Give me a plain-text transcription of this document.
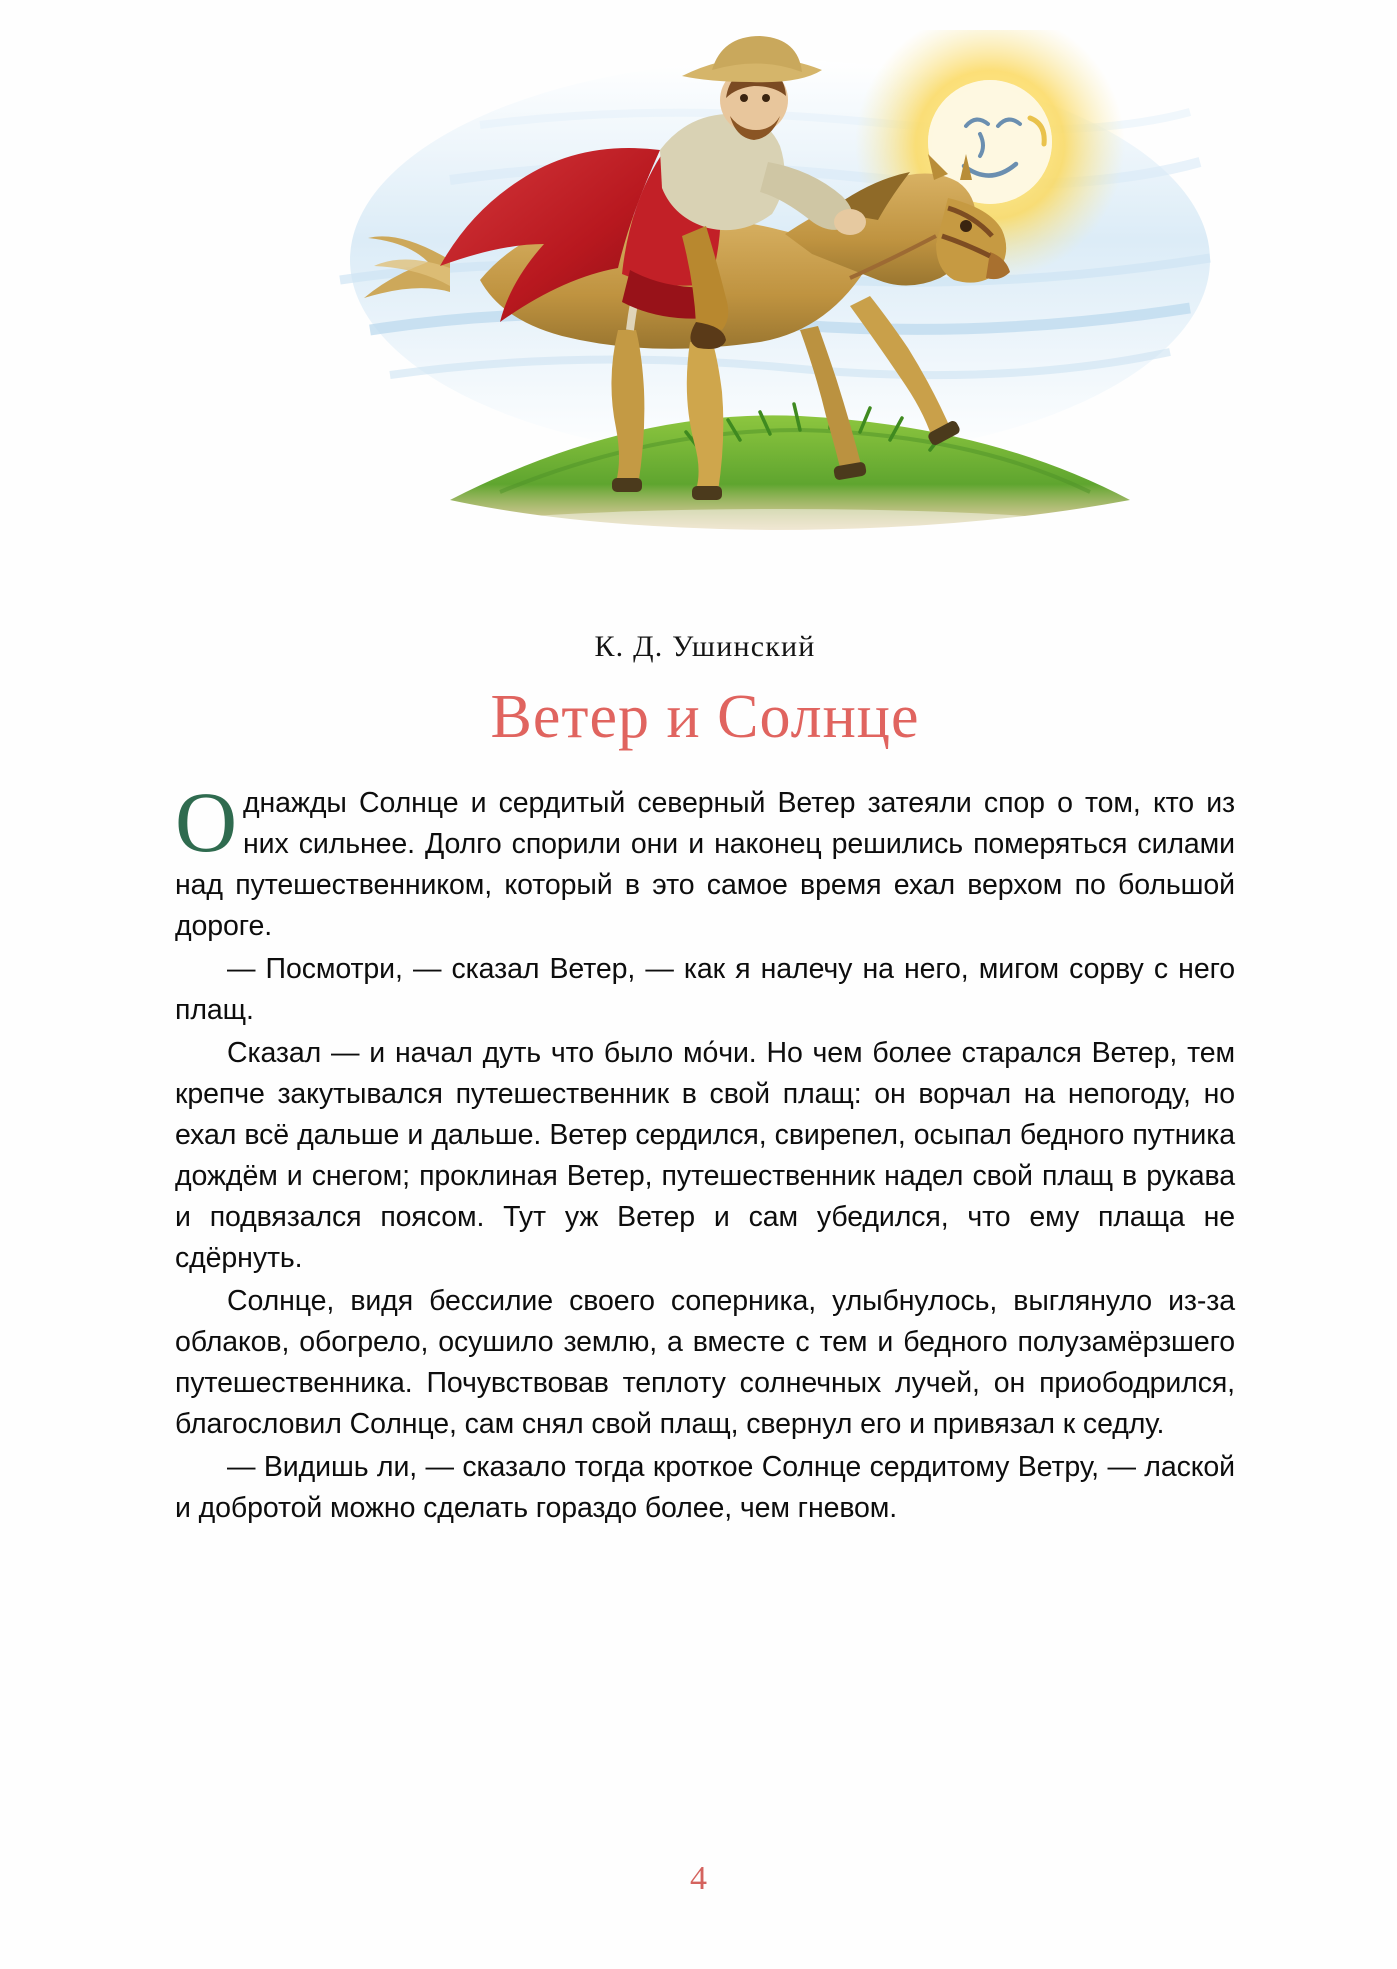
К. Д. Ушинский
Ветер и Солнце

Однажды Солнце и сердитый северный Ветер затеяли спор о том, кто из них сильнее. Долго спорили они и наконец решились померяться силами над путешественником, который в это самое время ехал верхом по большой дороге.

— Посмотри, — сказал Ветер, — как я налечу на него, мигом сорву с него плащ.

Сказал — и начал дуть что было мо́чи. Но чем более старался Ветер, тем крепче закутывался путешественник в свой плащ: он ворчал на непогоду, но ехал всё дальше и дальше. Ветер сердился, свирепел, осыпал бедного путника дождём и снегом; проклиная Ветер, путешественник надел свой плащ в рукава и подвязался поясом. Тут уж Ветер и сам убедился, что ему плаща не сдёрнуть.

Солнце, видя бессилие своего соперника, улыбнулось, выглянуло из-за облаков, обогрело, осушило землю, а вместе с тем и бедного полузамёрзшего путешественника. Почувствовав теплоту солнечных лучей, он приободрился, благословил Солнце, сам снял свой плащ, свернул его и привязал к седлу.

— Видишь ли, — сказало тогда кроткое Солнце сердитому Ветру, — лаской и добротой можно сделать гораздо более, чем гневом.

4
